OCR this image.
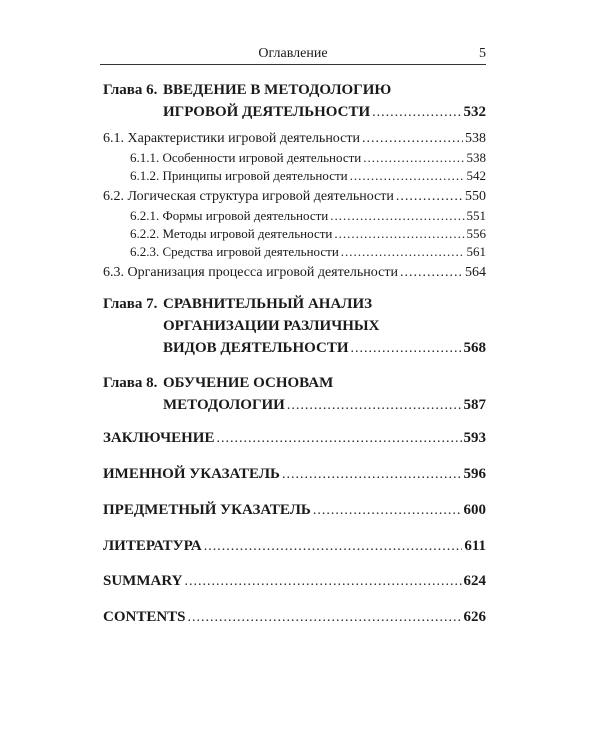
Оглавление	5
Глава 6. ВВЕДЕНИЕ В МЕТОДОЛОГИЮ
ИГРОВОЙ ДЕЯТЕЛЬНОСТИ .....	532
6.1. Характеристики игровой деятельности .....	538
6.1.1. Особенности игровой деятельности .....	538
6.1.2. Принципы игровой деятельности .....	542
6.2. Логическая структура игровой деятельности .....	550
6.2.1. Формы игровой деятельности .....	551
6.2.2. Методы игровой деятельности .....	556
6.2.3. Средства игровой деятельности .....	561
6.3. Организация процесса игровой деятельности .....	564
Глава 7. СРАВНИТЕЛЬНЫЙ АНАЛИЗ
ОРГАНИЗАЦИИ РАЗЛИЧНЫХ
ВИДОВ ДЕЯТЕЛЬНОСТИ .....	568
Глава 8. ОБУЧЕНИЕ ОСНОВАМ
МЕТОДОЛОГИИ .....	587
ЗАКЛЮЧЕНИЕ .....	593
ИМЕННОЙ УКАЗАТЕЛЬ .....	596
ПРЕДМЕТНЫЙ УКАЗАТЕЛЬ .....	600
ЛИТЕРАТУРА .....	611
SUMMARY .....	624
CONTENTS .....	626
